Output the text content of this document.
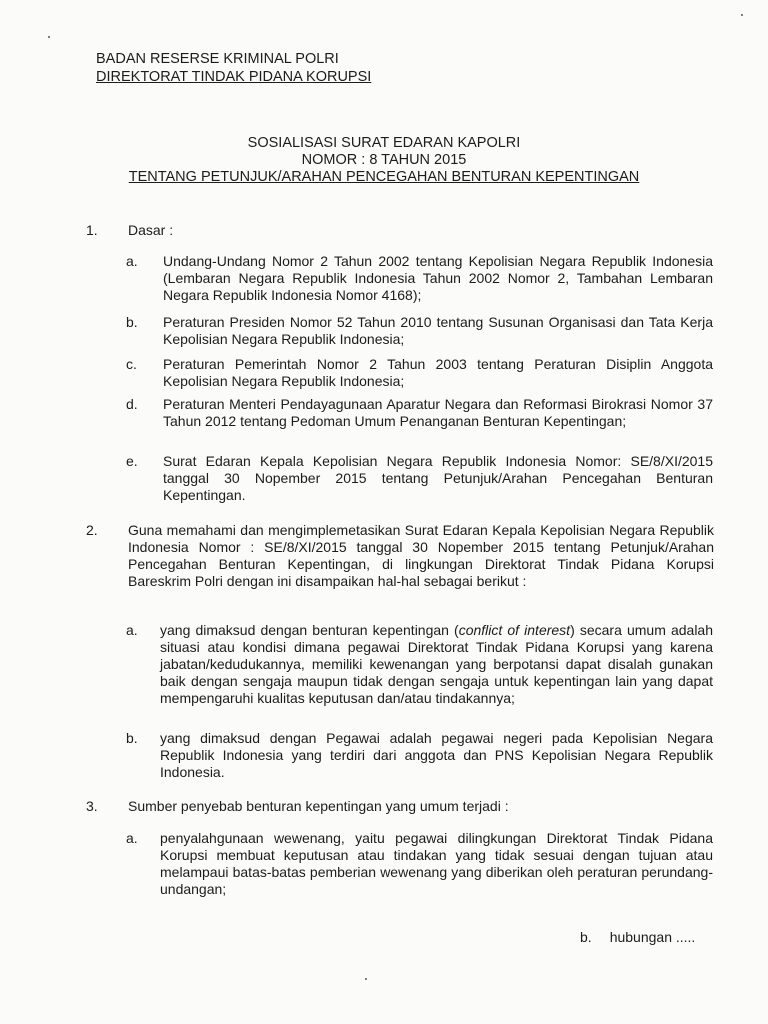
BADAN RESERSE KRIMINAL POLRI
DIREKTORAT TINDAK PIDANA KORUPSI
SOSIALISASI SURAT EDARAN KAPOLRI
NOMOR : 8 TAHUN 2015
TENTANG PETUNJUK/ARAHAN PENCEGAHAN BENTURAN KEPENTINGAN
1. Dasar :
a. Undang-Undang Nomor 2 Tahun 2002 tentang Kepolisian Negara Republik Indonesia (Lembaran Negara Republik Indonesia Tahun 2002 Nomor 2, Tambahan Lembaran Negara Republik Indonesia Nomor 4168);
b. Peraturan Presiden Nomor 52 Tahun 2010 tentang Susunan Organisasi dan Tata Kerja Kepolisian Negara Republik Indonesia;
c. Peraturan Pemerintah Nomor 2 Tahun 2003 tentang Peraturan Disiplin Anggota Kepolisian Negara Republik Indonesia;
d. Peraturan Menteri Pendayagunaan Aparatur Negara dan Reformasi Birokrasi Nomor 37 Tahun 2012 tentang Pedoman Umum Penanganan Benturan Kepentingan;
e. Surat Edaran Kepala Kepolisian Negara Republik Indonesia Nomor: SE/8/XI/2015 tanggal 30 Nopember 2015 tentang Petunjuk/Arahan Pencegahan Benturan Kepentingan.
2. Guna memahami dan mengimplemetasikan Surat Edaran Kepala Kepolisian Negara Republik Indonesia Nomor : SE/8/XI/2015 tanggal 30 Nopember 2015 tentang Petunjuk/Arahan Pencegahan Benturan Kepentingan, di lingkungan Direktorat Tindak Pidana Korupsi Bareskrim Polri dengan ini disampaikan hal-hal sebagai berikut :
a. yang dimaksud dengan benturan kepentingan (conflict of interest) secara umum adalah situasi atau kondisi dimana pegawai Direktorat Tindak Pidana Korupsi yang karena jabatan/kedudukannya, memiliki kewenangan yang berpotansi dapat disalah gunakan baik dengan sengaja maupun tidak dengan sengaja untuk kepentingan lain yang dapat mempengaruhi kualitas keputusan dan/atau tindakannya;
b. yang dimaksud dengan Pegawai adalah pegawai negeri pada Kepolisian Negara Republik Indonesia yang terdiri dari anggota dan PNS Kepolisian Negara Republik Indonesia.
3. Sumber penyebab benturan kepentingan yang umum terjadi :
a. penyalahgunaan wewenang, yaitu pegawai dilingkungan Direktorat Tindak Pidana Korupsi membuat keputusan atau tindakan yang tidak sesuai dengan tujuan atau melampaui batas-batas pemberian wewenang yang diberikan oleh peraturan perundang-undangan;
b. hubungan .....
